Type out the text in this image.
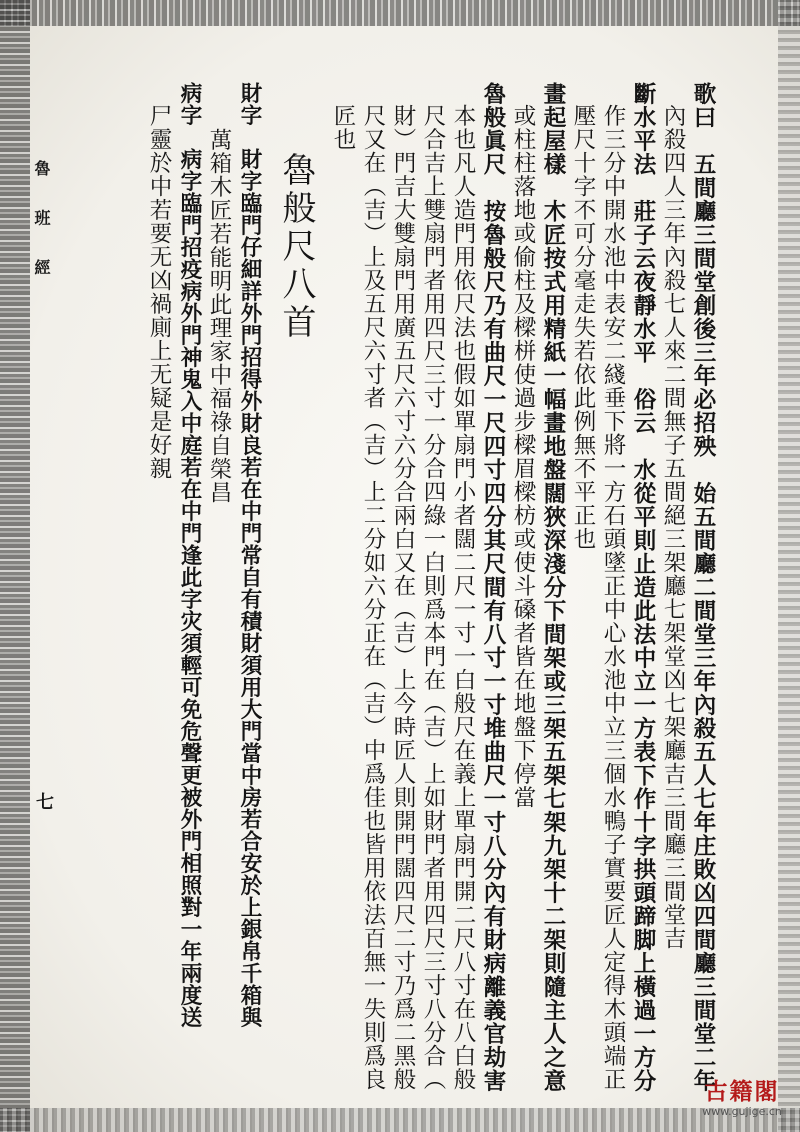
魯 班 經
七	歌曰　五間廳三間堂創後三年必招殃　始五間廳二間堂三年內殺五人七年庄敗凶四間廳三間堂二年

內殺四人三年內殺七人來二間無子五間絕三架廳七架堂凶七架廳吉三間廳三間堂吉

斷水平法　莊子云夜靜水平　俗云　水從平則止造此法中立一方表下作十字拱頭蹄脚上橫過一方分

作三分中開水池中表安二綫垂下將一方石頭墜正中心水池中立三個水鴨子實要匠人定得木頭端正

壓尺十字不可分毫走失若依此例無不平正也

畫起屋樣　木匠按式用精紙一幅畫地盤闊狹深淺分下間架或三架五架七架九架十二架則隨主人之意

或柱柱落地或偷柱及樑栟使過步樑眉樑枋或使斗磉者皆在地盤下停當

魯般眞尺　按魯般尺乃有曲尺一尺四寸四分其尺間有八寸一寸堆曲尺一寸八分內有財病離義官劫害

本也凡人造門用依尺法也假如單扇門小者闊二尺一寸一白般尺在義上單扇門開二尺八寸在八白般

尺合吉上雙扇門者用四尺三寸一分合四綠一白則爲本門在（吉）上如財門者用四尺三寸八分合（

財）門吉大雙扇門用廣五尺六寸六分合兩白又在（吉）上今時匠人則開門闊四尺二寸乃爲二黑般

尺又在（吉）上及五尺六寸者（吉）上二分如六分正在（吉）中爲佳也皆用依法百無一失則爲良

匠也

魯般尺八首

財字　財字臨門仔細詳外門招得外財良若在中門常自有積財須用大門當中房若合安於上銀帛千箱與

萬箱木匠若能明此理家中福祿自榮昌

病字　病字臨門招疫病外門神鬼入中庭若在中門逢此字灾須輕可免危聲更被外門相照對一年兩度送

尸靈於中若要无凶禍廁上无疑是好親

古籍閣
www.gujige.cn
